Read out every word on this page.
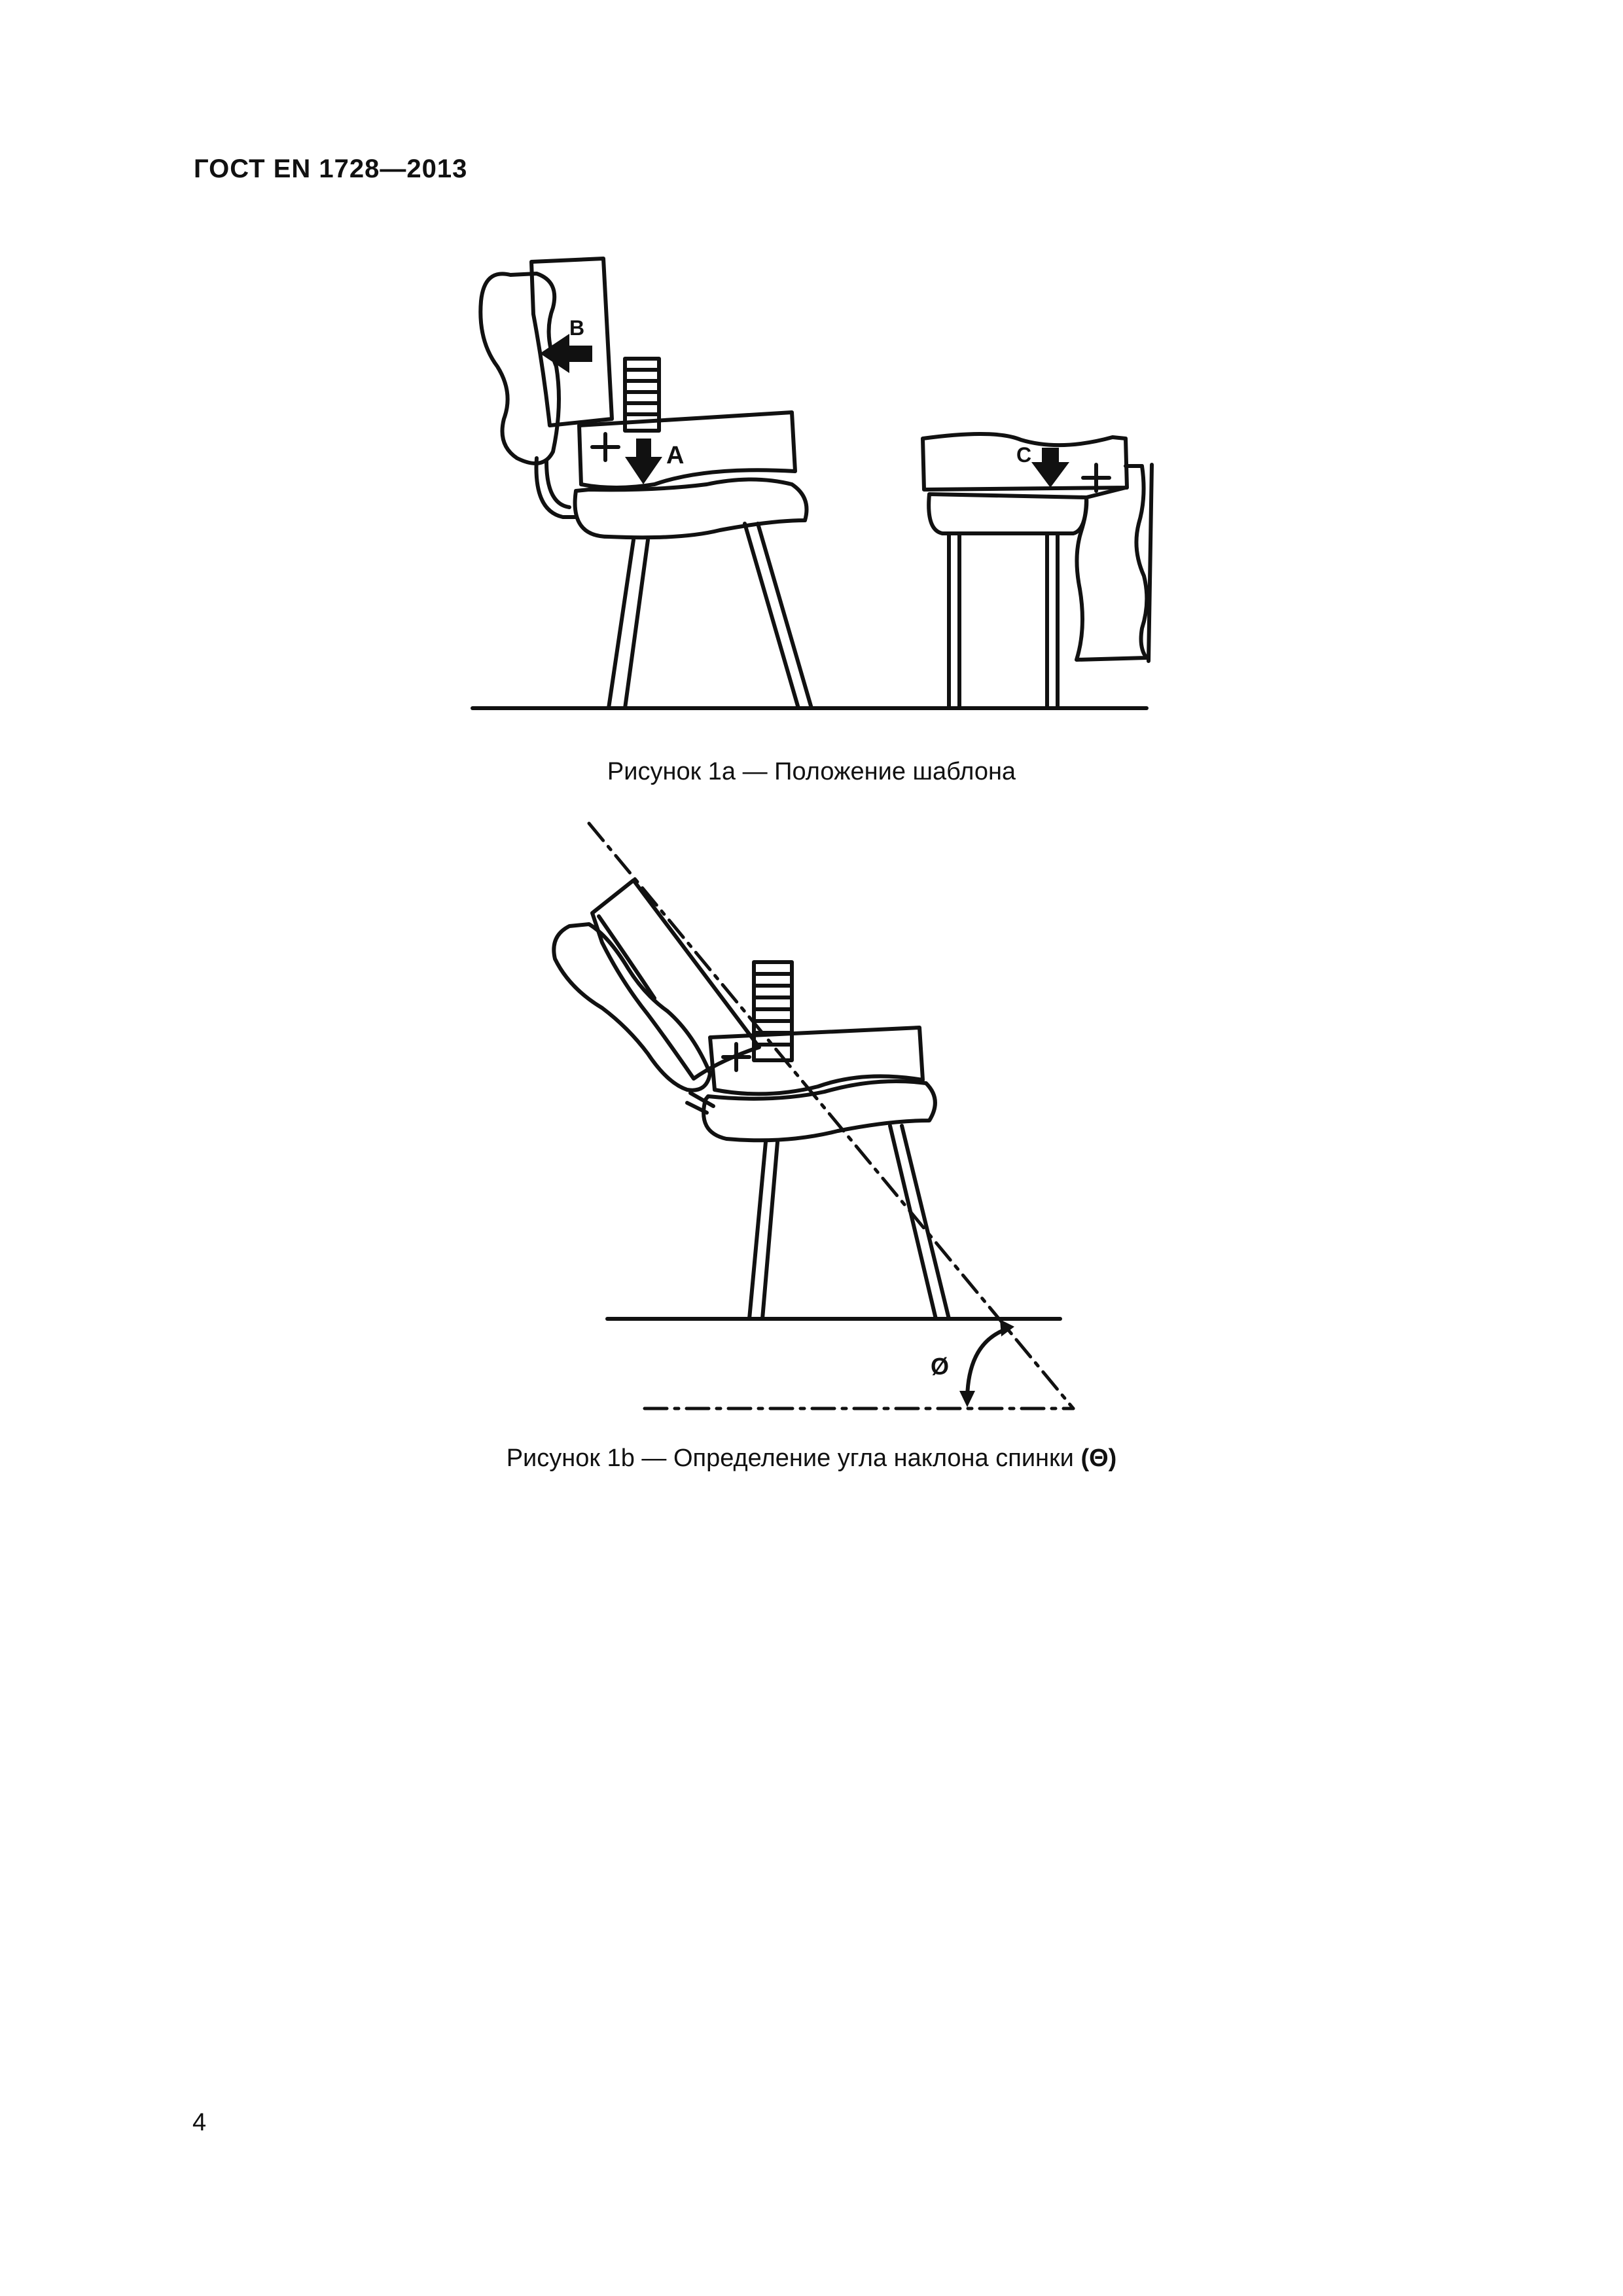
ГОСТ EN 1728—2013
B
A	C
Рисунок 1a — Положение шаблона
Ø
Рисунок 1b — Определение угла наклона спинки (Θ)
4
